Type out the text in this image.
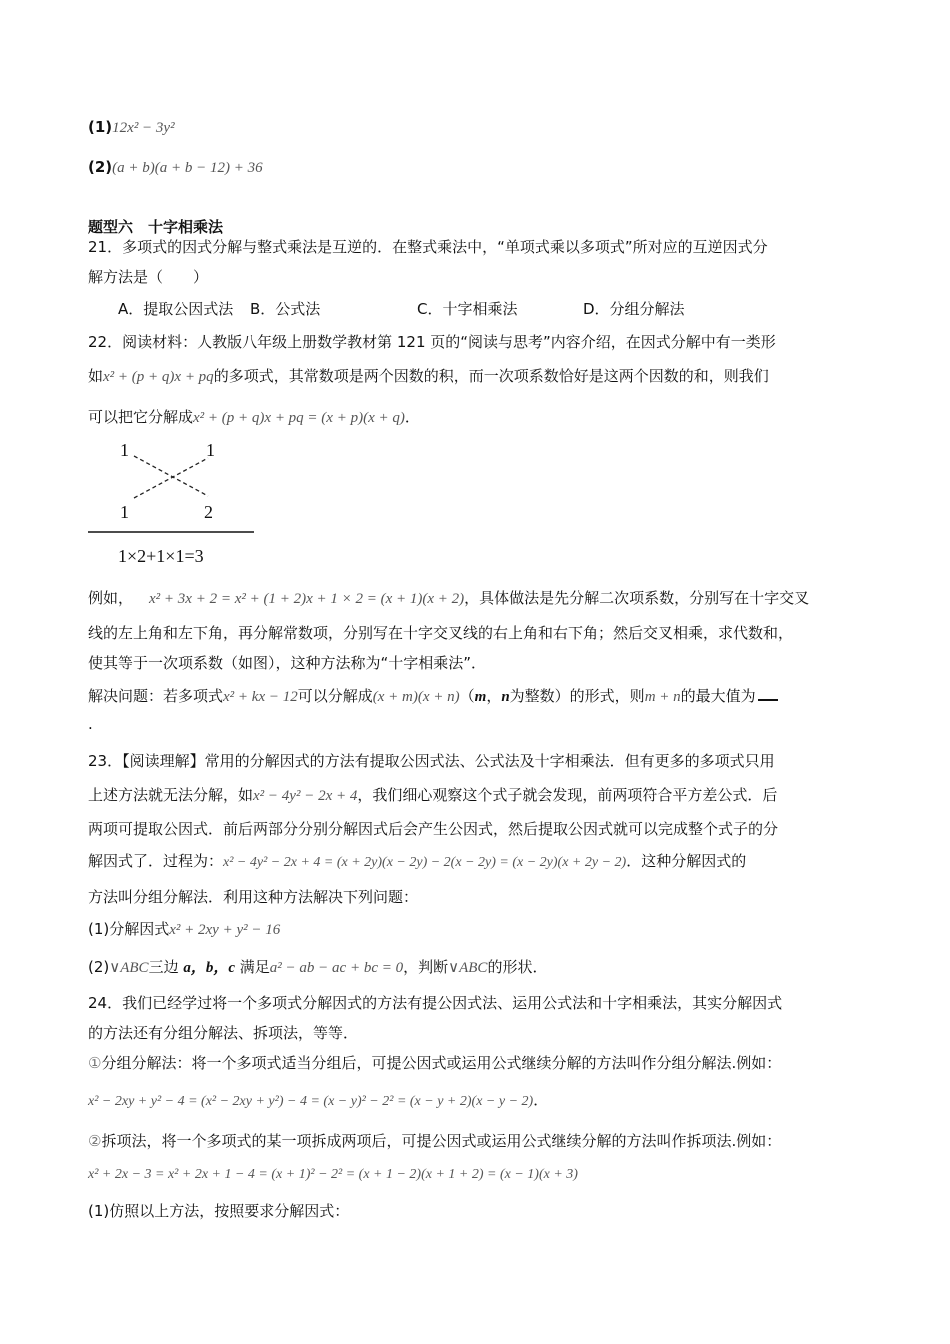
(1)12x² − 3y²
(2)(a + b)(a + b − 12) + 36
题型六　十字相乘法
21．多项式的因式分解与整式乘法是互逆的．在整式乘法中，“单项式乘以多项式”所对应的互逆因式分
解方法是（　　）
A．提取公因式法 B．公式法	C．十字相乘法	D．分组分解法
22．阅读材料：人教版八年级上册数学教材第 121 页的“阅读与思考”内容介绍，在因式分解中有一类形
如x² + (p + q)x + pq的多项式，其常数项是两个因数的积，而一次项系数恰好是这两个因数的和，则我们
可以把它分解成x² + (p + q)x + pq = (x + p)(x + q)．
1	1
1	2
1×2+1×1=3
例如， x² + 3x + 2 = x² + (1 + 2)x + 1 × 2 = (x + 1)(x + 2)，具体做法是先分解二次项系数，分别写在十字交叉
线的左上角和左下角，再分解常数项，分别写在十字交叉线的右上角和右下角；然后交叉相乘，求代数和，
使其等于一次项系数（如图），这种方法称为“十字相乘法”．
解决问题：若多项式x² + kx − 12可以分解成(x + m)(x + n)（m，n为整数）的形式，则m + n的最大值为
.
23．【阅读理解】常用的分解因式的方法有提取公因式法、公式法及十字相乘法．但有更多的多项式只用
上述方法就无法分解，如x² − 4y² − 2x + 4，我们细心观察这个式子就会发现，前两项符合平方差公式．后
两项可提取公因式．前后两部分分别分解因式后会产生公因式，然后提取公因式就可以完成整个式子的分
解因式了．过程为：x² − 4y² − 2x + 4 = (x + 2y)(x − 2y) − 2(x − 2y) = (x − 2y)(x + 2y − 2)．这种分解因式的
方法叫分组分解法．利用这种方法解决下列问题：
(1)分解因式x² + 2xy + y² − 16
(2)∨ABC三边 a，b，c 满足a² − ab − ac + bc = 0，判断∨ABC的形状．
24．我们已经学过将一个多项式分解因式的方法有提公因式法、运用公式法和十字相乘法，其实分解因式
的方法还有分组分解法、拆项法，等等．
①分组分解法：将一个多项式适当分组后，可提公因式或运用公式继续分解的方法叫作分组分解法.例如：
x² − 2xy + y² − 4 = (x² − 2xy + y²) − 4 = (x − y)² − 2² = (x − y + 2)(x − y − 2)．
②拆项法，将一个多项式的某一项拆成两项后，可提公因式或运用公式继续分解的方法叫作拆项法.例如：
x² + 2x − 3 = x² + 2x + 1 − 4 = (x + 1)² − 2² = (x + 1 − 2)(x + 1 + 2) = (x − 1)(x + 3)
(1)仿照以上方法，按照要求分解因式：
